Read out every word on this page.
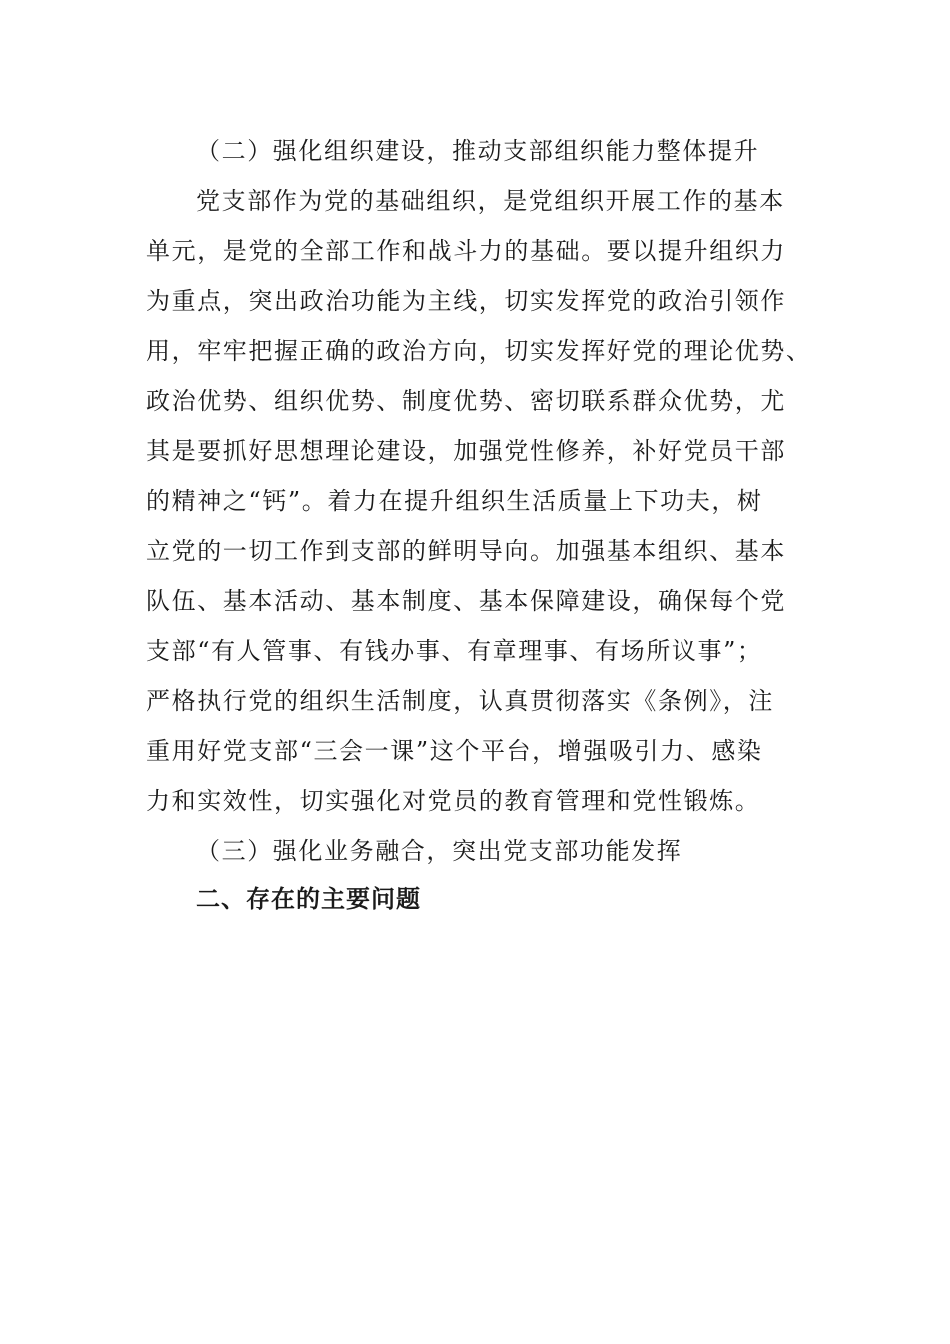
（二）强化组织建设，推动支部组织能力整体提升
党支部作为党的基础组织，是党组织开展工作的基本
单元，是党的全部工作和战斗力的基础。要以提升组织力
为重点，突出政治功能为主线，切实发挥党的政治引领作
用，牢牢把握正确的政治方向，切实发挥好党的理论优势、
政治优势、组织优势、制度优势、密切联系群众优势，尤
其是要抓好思想理论建设，加强党性修养，补好党员干部
的精神之“钙”。着力在提升组织生活质量上下功夫，树
立党的一切工作到支部的鲜明导向。加强基本组织、基本
队伍、基本活动、基本制度、基本保障建设，确保每个党
支部“有人管事、有钱办事、有章理事、有场所议事”；
严格执行党的组织生活制度，认真贯彻落实《条例》，注
重用好党支部“三会一课”这个平台，增强吸引力、感染
力和实效性，切实强化对党员的教育管理和党性锻炼。
（三）强化业务融合，突出党支部功能发挥
二、存在的主要问题
